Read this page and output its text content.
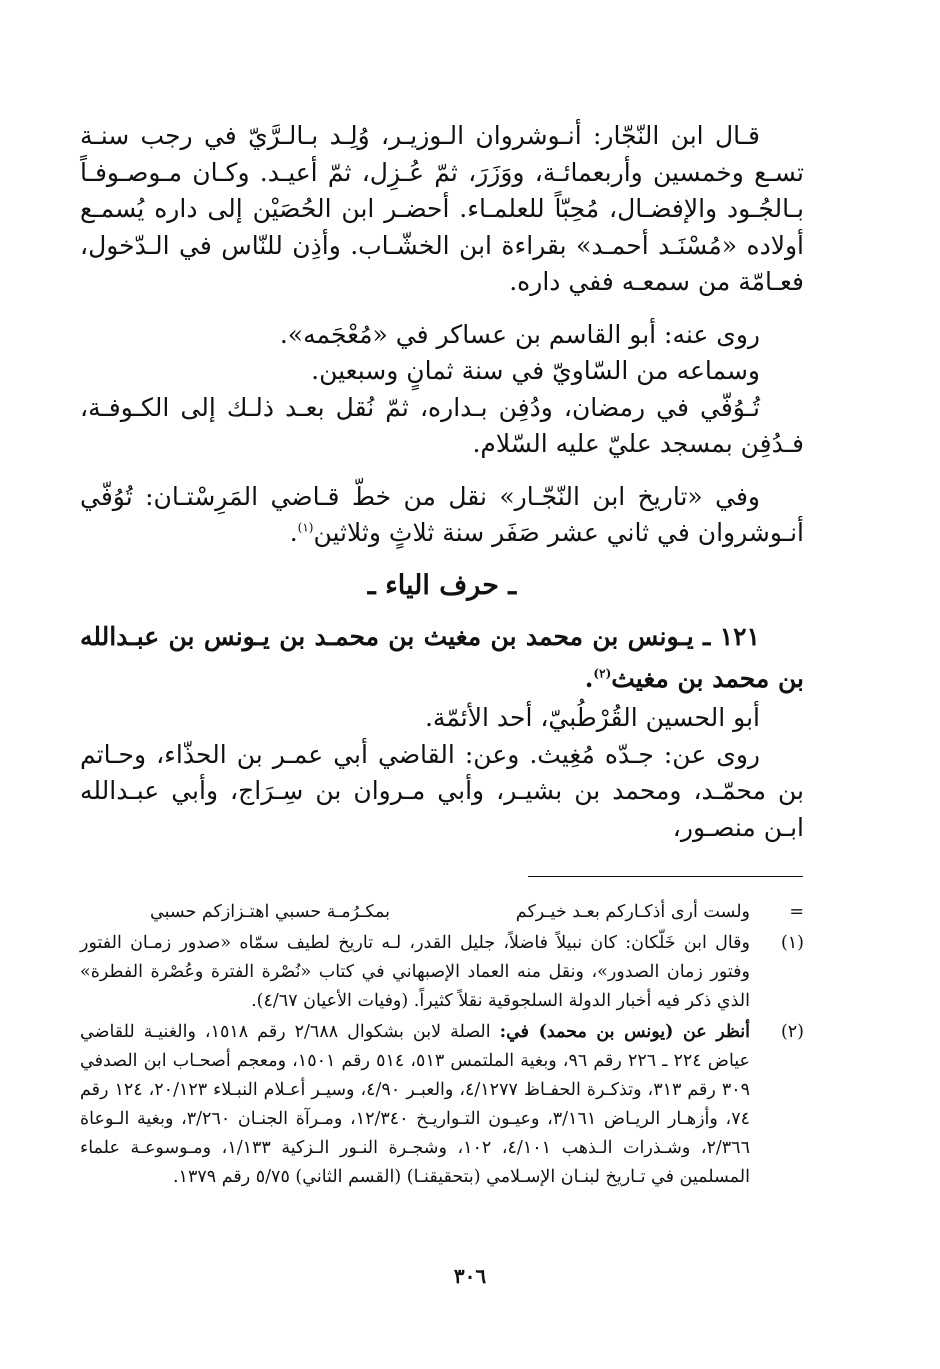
قـال ابن النّجّار: أنـوشروان الـوزيـر، وُلِـد بـالـرَّيّ في رجب سنـة تسـع وخمسين وأربعمائـة، ووَزَرَ، ثمّ عُـزِل، ثمّ أعيـد. وكـان مـوصـوفـاً بـالجُـود والإفضـال، مُحِبّاً للعلمـاء. أحضـر ابن الحُصَيْن إلى داره يُسمـع أولاده «مُسْنَـد أحمـد» بقراءة ابن الخشّـاب. وأذِن للنّاس في الـدّخول، فعـامّة من سمعـه ففي داره.

روى عنه: أبو القاسم بن عساكر في «مُعْجَمه».

وسماعه من السّاويّ في سنة ثمانٍ وسبعين.

تُـوُفّي في رمضان، ودُفِن بـداره، ثمّ نُقل بعـد ذلـك إلى الكـوفـة، فـدُفِن بمسجد عليّ عليه السّلام.

وفي «تاريخ ابن النّجّـار» نقل من خطّ قـاضي المَرِسْتـان: تُوُفّي أنـوشروان في ثاني عشر صَفَر سنة ثلاثٍ وثلاثين$^{(١)}$.

ـ حرف الياء ـ

١٢١ ـ يـونس بن محمد بن مغيث بن محمـد بن يـونس بن عبـدالله بن محمد بن مغيث$^{(٢)}$.

أبو الحسين القُرْطُبيّ، أحد الأئمّة.

روى عن: جـدّه مُغِيث. وعن: القاضي أبي عمـر بن الحذّاء، وحـاتم بن محمّـد، ومحمد بن بشيـر، وأبي مـروان بن سِـرَاج، وأبي عبـدالله ابـن منصـور،

=
ولست أرى أذكـاركم بعـد خيـركم
بمكـرُمـة حسبي اهتـزازكم حسبي
(١)
وقال ابن خَلّكان: كان نبيلاً فاضلاً، جليل القدر، لـه تاريخ لطيف سمّاه «صدور زمـان الفتور وفتور زمان الصدور»، ونقل منه العماد الإصبهاني في كتاب «نُصْرة الفترة وعُصْرة الفطرة» الذي ذكر فيه أخبار الدولة السلجوقية نقلاً كثيراً. (وفيات الأعيان ٤/٦٧).
(٢)
أنظر عن (يونس بن محمد) في: الصلة لابن بشكوال ٢/٦٨٨ رقم ١٥١٨، والغنيـة للقاضي عياض ٢٢٤ ـ ٢٢٦ رقم ٩٦، وبغية الملتمس ٥١٣، ٥١٤ رقم ١٥٠١، ومعجم أصحـاب ابن الصدفي ٣٠٩ رقم ٣١٣، وتذكـرة الحفـاظ ٤/١٢٧٧، والعبـر ٤/٩٠، وسيـر أعـلام النبـلاء ٢٠/١٢٣، ١٢٤ رقم ٧٤، وأزهـار الريـاض ٣/١٦١، وعيـون التـواريـخ ١٢/٣٤٠، ومـرآة الجنـان ٣/٢٦٠، وبغية الـوعاة ٢/٣٦٦، وشـذرات الـذهب ٤/١٠١، ١٠٢، وشجـرة النـور الـزكية ١/١٣٣، ومـوسوعـة علماء المسلمين في تـاريخ لبنـان الإسـلامي (بتحقيقنـا) (القسم الثاني) ٥/٧٥ رقم ١٣٧٩.
٣٠٦
